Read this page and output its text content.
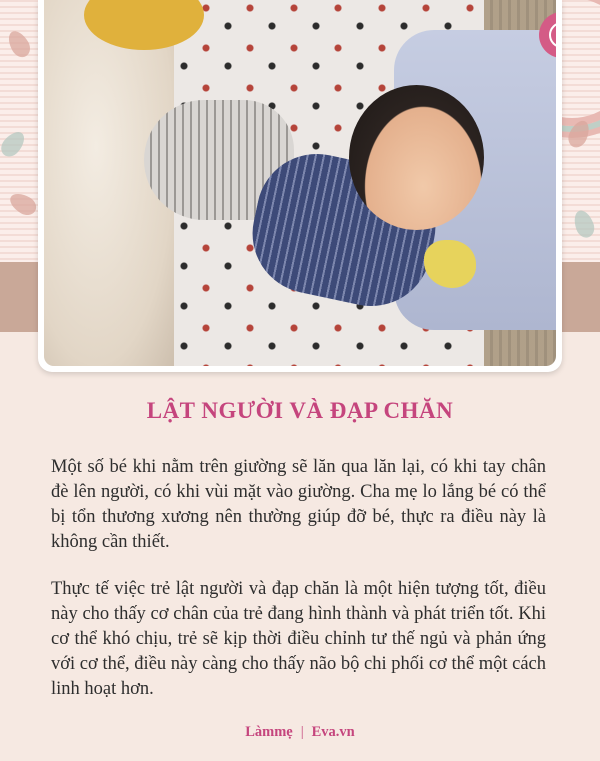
LẬT NGƯỜI VÀ ĐẠP CHĂN

Một số bé khi nằm trên giường sẽ lăn qua lăn lại, có khi tay chân đè lên người, có khi vùi mặt vào giường. Cha mẹ lo lắng bé có thể bị tổn thương xương nên thường giúp đỡ bé, thực ra điều này là không cần thiết.

Thực tế việc trẻ lật người và đạp chăn là một hiện tượng tốt, điều này cho thấy cơ chân của trẻ đang hình thành và phát triển tốt. Khi cơ thể khó chịu, trẻ sẽ kịp thời điều chỉnh tư thế ngủ và phản ứng với cơ thể, điều này càng cho thấy não bộ chi phối cơ thể một cách linh hoạt hơn.

Làmmẹ | Eva.vn
